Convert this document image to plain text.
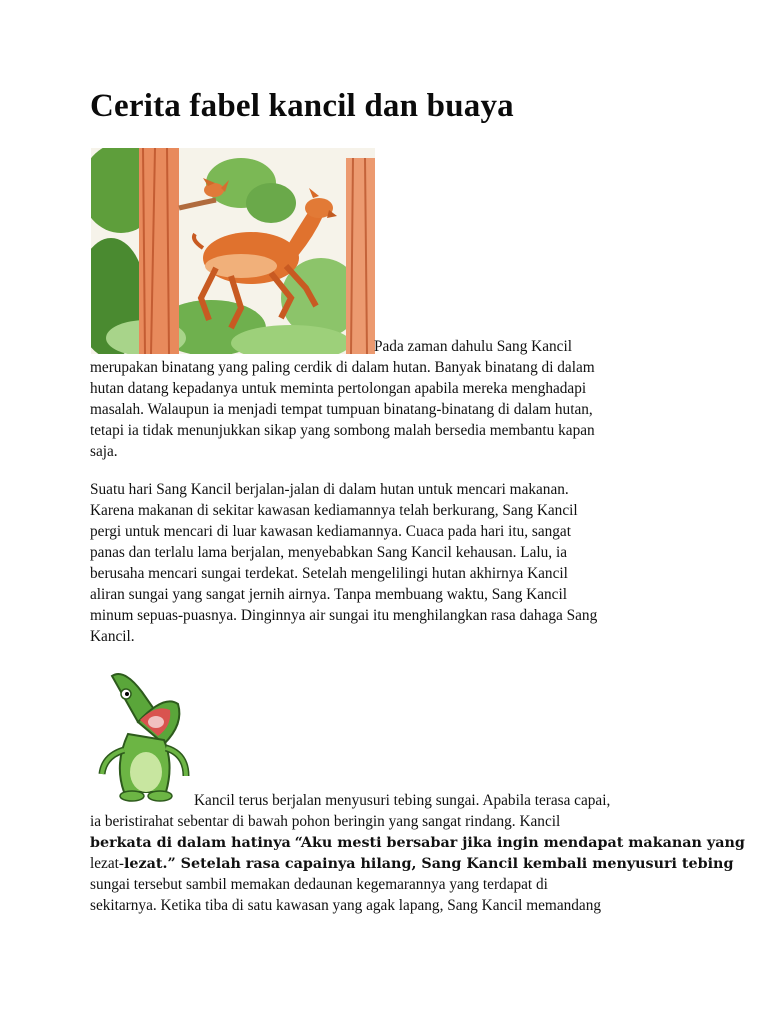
Cerita fabel kancil dan buaya
Pada zaman dahulu Sang Kancil
merupakan binatang yang paling cerdik di dalam hutan. Banyak binatang di dalam
hutan datang kepadanya untuk meminta pertolongan apabila mereka menghadapi
masalah. Walaupun ia menjadi tempat tumpuan binatang-binatang di dalam hutan,
tetapi ia tidak menunjukkan sikap yang sombong malah bersedia membantu kapan
saja.
Suatu hari Sang Kancil berjalan-jalan di dalam hutan untuk mencari makanan.
Karena makanan di sekitar kawasan kediamannya telah berkurang, Sang Kancil
pergi untuk mencari di luar kawasan kediamannya. Cuaca pada hari itu, sangat
panas dan terlalu lama berjalan, menyebabkan Sang Kancil kehausan. Lalu, ia
berusaha mencari sungai terdekat. Setelah mengelilingi hutan akhirnya Kancil
aliran sungai yang sangat jernih airnya. Tanpa membuang waktu, Sang Kancil
minum sepuas-puasnya. Dinginnya air sungai itu menghilangkan rasa dahaga Sang
Kancil.
Kancil terus berjalan menyusuri tebing sungai. Apabila terasa capai,
ia beristirahat sebentar di bawah pohon beringin yang sangat rindang. Kancil
berkata di dalam hatinya “Aku mesti bersabar jika ingin mendapat makanan yang
lezat-lezat.” Setelah rasa capainya hilang, Sang Kancil kembali menyusuri tebing
sungai tersebut sambil memakan dedaunan kegemarannya yang terdapat di
sekitarnya. Ketika tiba di satu kawasan yang agak lapang, Sang Kancil memandang
